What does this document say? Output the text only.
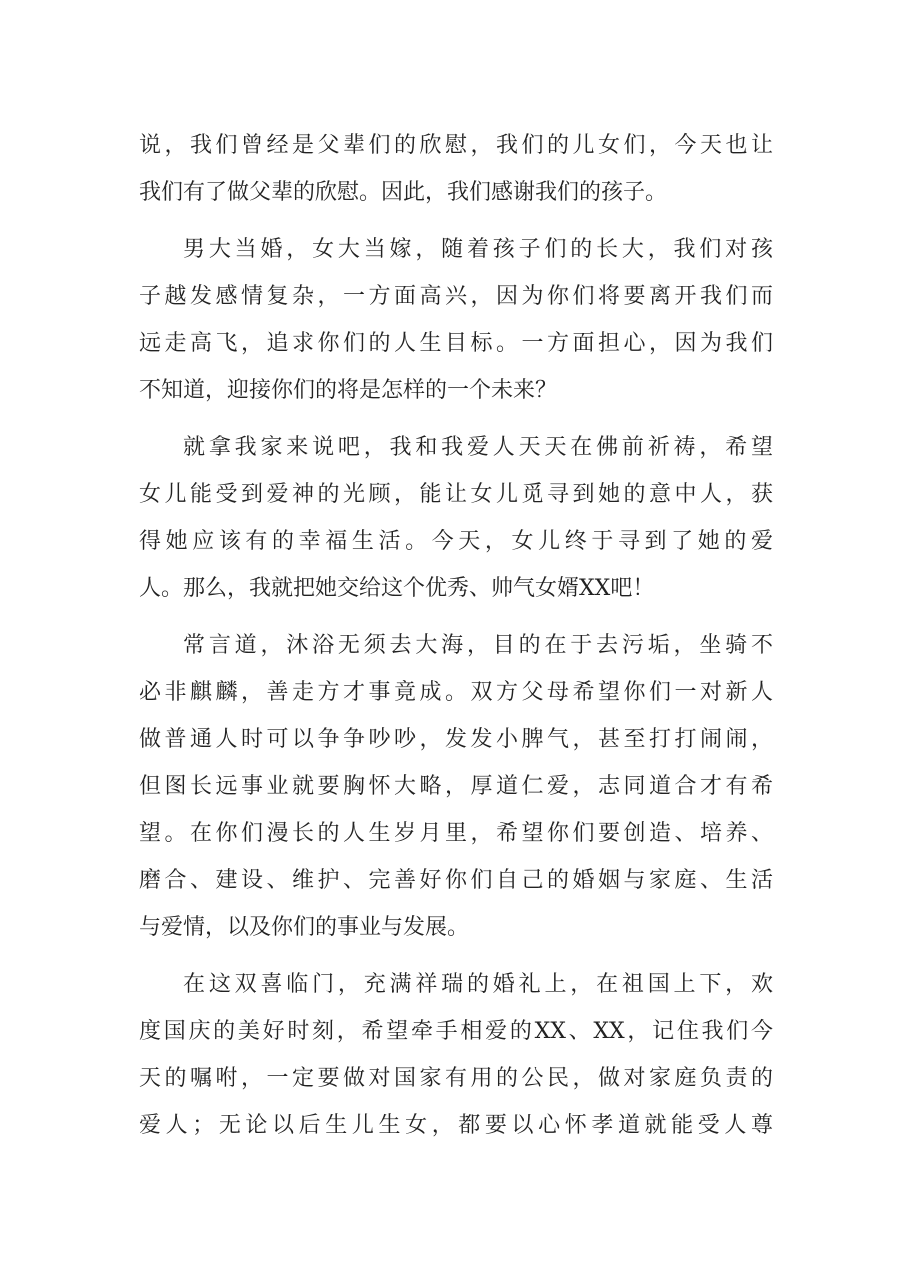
说，我们曾经是父辈们的欣慰，我们的儿女们，今天也让
我们有了做父辈的欣慰。因此，我们感谢我们的孩子。
男大当婚，女大当嫁，随着孩子们的长大，我们对孩
子越发感情复杂，一方面高兴，因为你们将要离开我们而
远走高飞，追求你们的人生目标。一方面担心，因为我们
不知道，迎接你们的将是怎样的一个未来？
就拿我家来说吧，我和我爱人天天在佛前祈祷，希望
女儿能受到爱神的光顾，能让女儿觅寻到她的意中人，获
得她应该有的幸福生活。今天，女儿终于寻到了她的爱
人。那么，我就把她交给这个优秀、帅气女婿XX吧！
常言道，沐浴无须去大海，目的在于去污垢，坐骑不
必非麒麟，善走方才事竟成。双方父母希望你们一对新人
做普通人时可以争争吵吵，发发小脾气，甚至打打闹闹，
但图长远事业就要胸怀大略，厚道仁爱，志同道合才有希
望。在你们漫长的人生岁月里，希望你们要创造、培养、
磨合、建设、维护、完善好你们自己的婚姻与家庭、生活
与爱情，以及你们的事业与发展。
在这双喜临门，充满祥瑞的婚礼上，在祖国上下，欢
度国庆的美好时刻，希望牵手相爱的XX、XX，记住我们今
天的嘱咐，一定要做对国家有用的公民，做对家庭负责的
爱人；无论以后生儿生女，都要以心怀孝道就能受人尊
